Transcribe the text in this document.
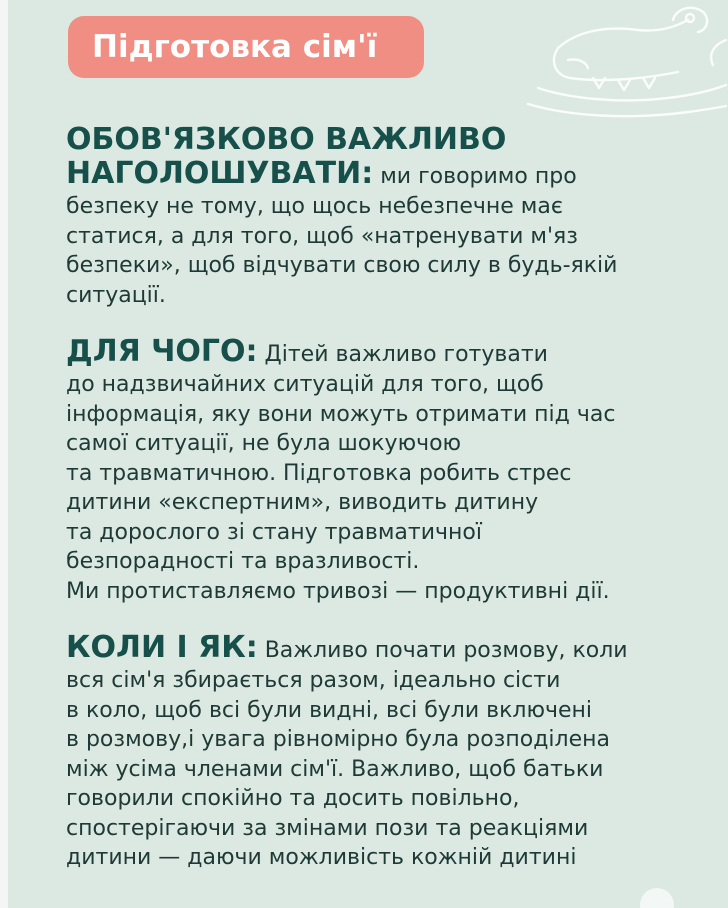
Підготовка сім'ї
ОБОВ'ЯЗКОВО ВАЖЛИВО
НАГОЛОШУВАТИ: ми говоримо про
безпеку не тому, що щось небезпечне має
статися, а для того, щоб «натренувати м'яз
безпеки», щоб відчувати свою силу в будь-якій
ситуації.
ДЛЯ ЧОГО: Дітей важливо готувати
до надзвичайних ситуацій для того, щоб
інформація, яку вони можуть отримати під час
самої ситуації, не була шокуючою
та травматичною. Підготовка робить стрес
дитини «експертним», виводить дитину
та дорослого зі стану травматичної
безпорадності та вразливості.
Ми протиставляємо тривозі — продуктивні дії.
КОЛИ І ЯК: Важливо почати розмову, коли
вся сім'я збирається разом, ідеально сісти
в коло, щоб всі були видні, всі були включені
в розмову,і увага рівномірно була розподілена
між усіма членами сім'ї. Важливо, щоб батьки
говорили спокійно та досить повільно,
спостерігаючи за змінами пози та реакціями
дитини — даючи можливість кожній дитині
